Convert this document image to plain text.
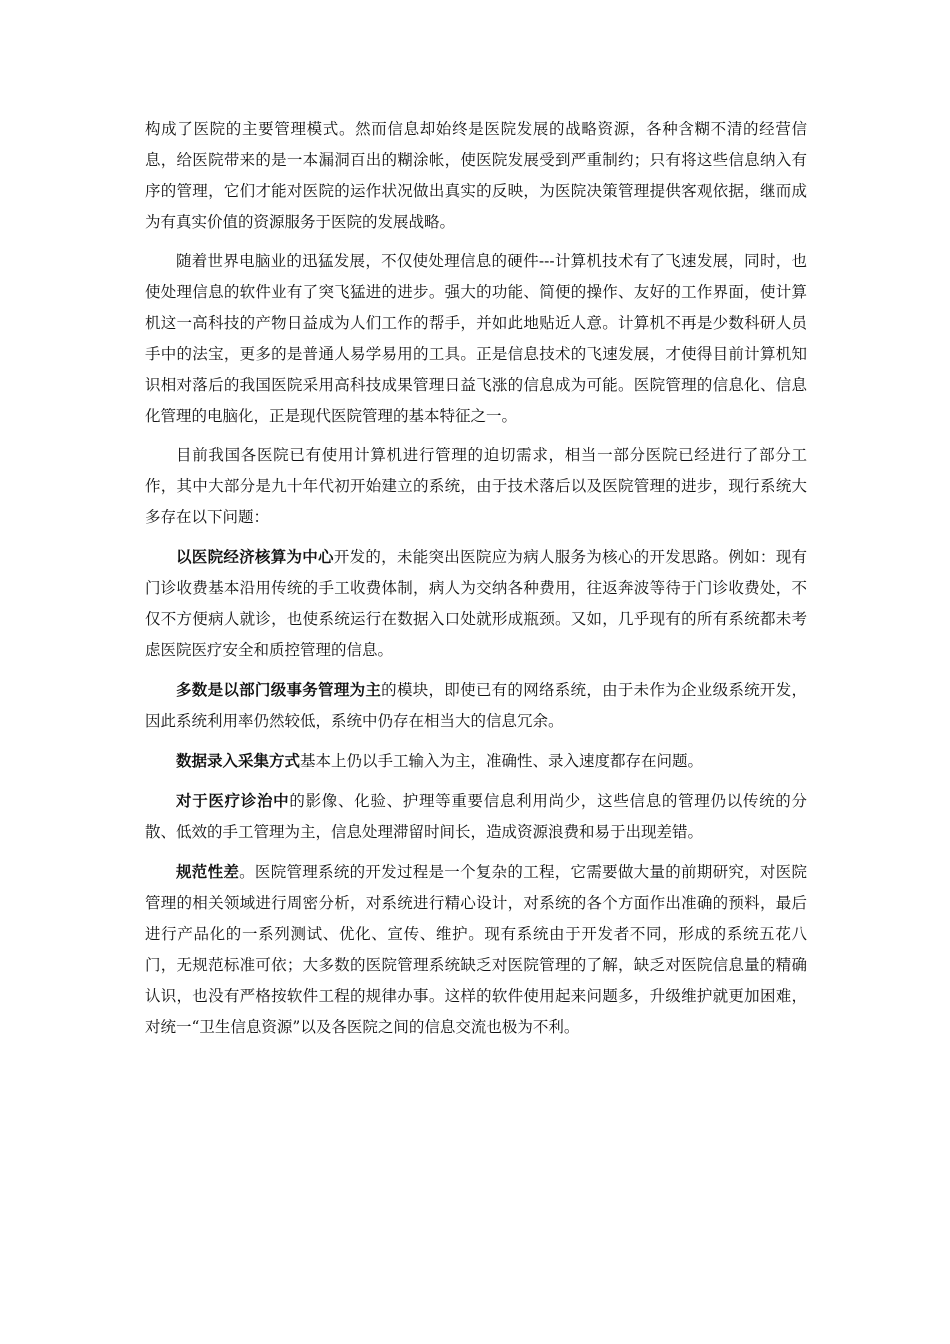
构成了医院的主要管理模式。然而信息却始终是医院发展的战略资源，各种含糊不清的经营信息，给医院带来的是一本漏洞百出的糊涂帐，使医院发展受到严重制约；只有将这些信息纳入有序的管理，它们才能对医院的运作状况做出真实的反映，为医院决策管理提供客观依据，继而成为有真实价值的资源服务于医院的发展战略。

随着世界电脑业的迅猛发展，不仅使处理信息的硬件---计算机技术有了飞速发展，同时，也使处理信息的软件业有了突飞猛进的进步。强大的功能、简便的操作、友好的工作界面，使计算机这一高科技的产物日益成为人们工作的帮手，并如此地贴近人意。计算机不再是少数科研人员手中的法宝，更多的是普通人易学易用的工具。正是信息技术的飞速发展，才使得目前计算机知识相对落后的我国医院采用高科技成果管理日益飞涨的信息成为可能。医院管理的信息化、信息化管理的电脑化，正是现代医院管理的基本特征之一。

目前我国各医院已有使用计算机进行管理的迫切需求，相当一部分医院已经进行了部分工作，其中大部分是九十年代初开始建立的系统，由于技术落后以及医院管理的进步，现行系统大多存在以下问题：

以医院经济核算为中心开发的，未能突出医院应为病人服务为核心的开发思路。例如：现有门诊收费基本沿用传统的手工收费体制，病人为交纳各种费用，往返奔波等待于门诊收费处，不仅不方便病人就诊，也使系统运行在数据入口处就形成瓶颈。又如，几乎现有的所有系统都未考虑医院医疗安全和质控管理的信息。

多数是以部门级事务管理为主的模块，即使已有的网络系统，由于未作为企业级系统开发，因此系统利用率仍然较低，系统中仍存在相当大的信息冗余。

数据录入采集方式基本上仍以手工输入为主，准确性、录入速度都存在问题。

对于医疗诊治中的影像、化验、护理等重要信息利用尚少，这些信息的管理仍以传统的分散、低效的手工管理为主，信息处理滞留时间长，造成资源浪费和易于出现差错。

规范性差。医院管理系统的开发过程是一个复杂的工程，它需要做大量的前期研究，对医院管理的相关领域进行周密分析，对系统进行精心设计，对系统的各个方面作出准确的预料，最后进行产品化的一系列测试、优化、宣传、维护。现有系统由于开发者不同，形成的系统五花八门，无规范标准可依；大多数的医院管理系统缺乏对医院管理的了解，缺乏对医院信息量的精确认识，也没有严格按软件工程的规律办事。这样的软件使用起来问题多，升级维护就更加困难，对统一“卫生信息资源”以及各医院之间的信息交流也极为不利。
